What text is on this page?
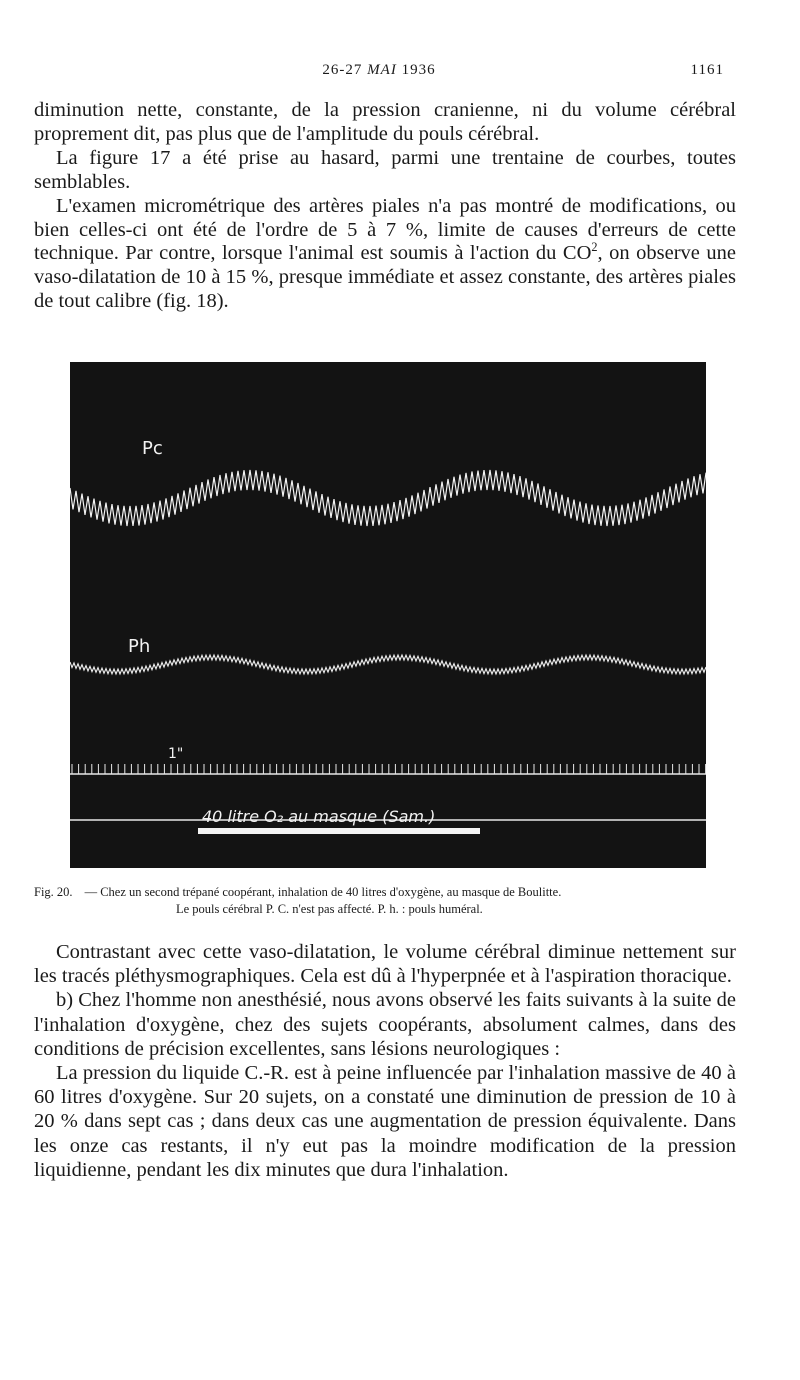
26-27 MAI 1936	1161

diminution nette, constante, de la pression cranienne, ni du volume cérébral proprement dit, pas plus que de l'amplitude du pouls cérébral.

La figure 17 a été prise au hasard, parmi une trentaine de courbes, toutes semblables.

L'examen micrométrique des artères piales n'a pas montré de modifications, ou bien celles-ci ont été de l'ordre de 5 à 7 %, limite de causes d'erreurs de cette technique. Par contre, lorsque l'animal est soumis à l'action du $CO^2$, on observe une vaso-dilatation de 10 à 15 %, presque immédiate et assez constante, des artères piales de tout calibre (fig. 18).

Pc
Ph
1"
40 litre O₂ au masque (Sam.)
Fig. 20. — Chez un second trépané coopérant, inhalation de 40 litres d'oxygène, au masque de Boulitte.
Le pouls cérébral P. C. n'est pas affecté. P. h. : pouls huméral.

Contrastant avec cette vaso-dilatation, le volume cérébral diminue nettement sur les tracés pléthysmographiques. Cela est dû à l'hyperpnée et à l'aspiration thoracique.

b) Chez l'homme non anesthésié, nous avons observé les faits suivants à la suite de l'inhalation d'oxygène, chez des sujets coopérants, absolument calmes, dans des conditions de précision excellentes, sans lésions neurologiques :

La pression du liquide C.-R. est à peine influencée par l'inhalation massive de 40 à 60 litres d'oxygène. Sur 20 sujets, on a constaté une diminution de pression de 10 à 20 % dans sept cas ; dans deux cas une augmentation de pression équivalente. Dans les onze cas restants, il n'y eut pas la moindre modification de la pression liquidienne, pendant les dix minutes que dura l'inhalation.
